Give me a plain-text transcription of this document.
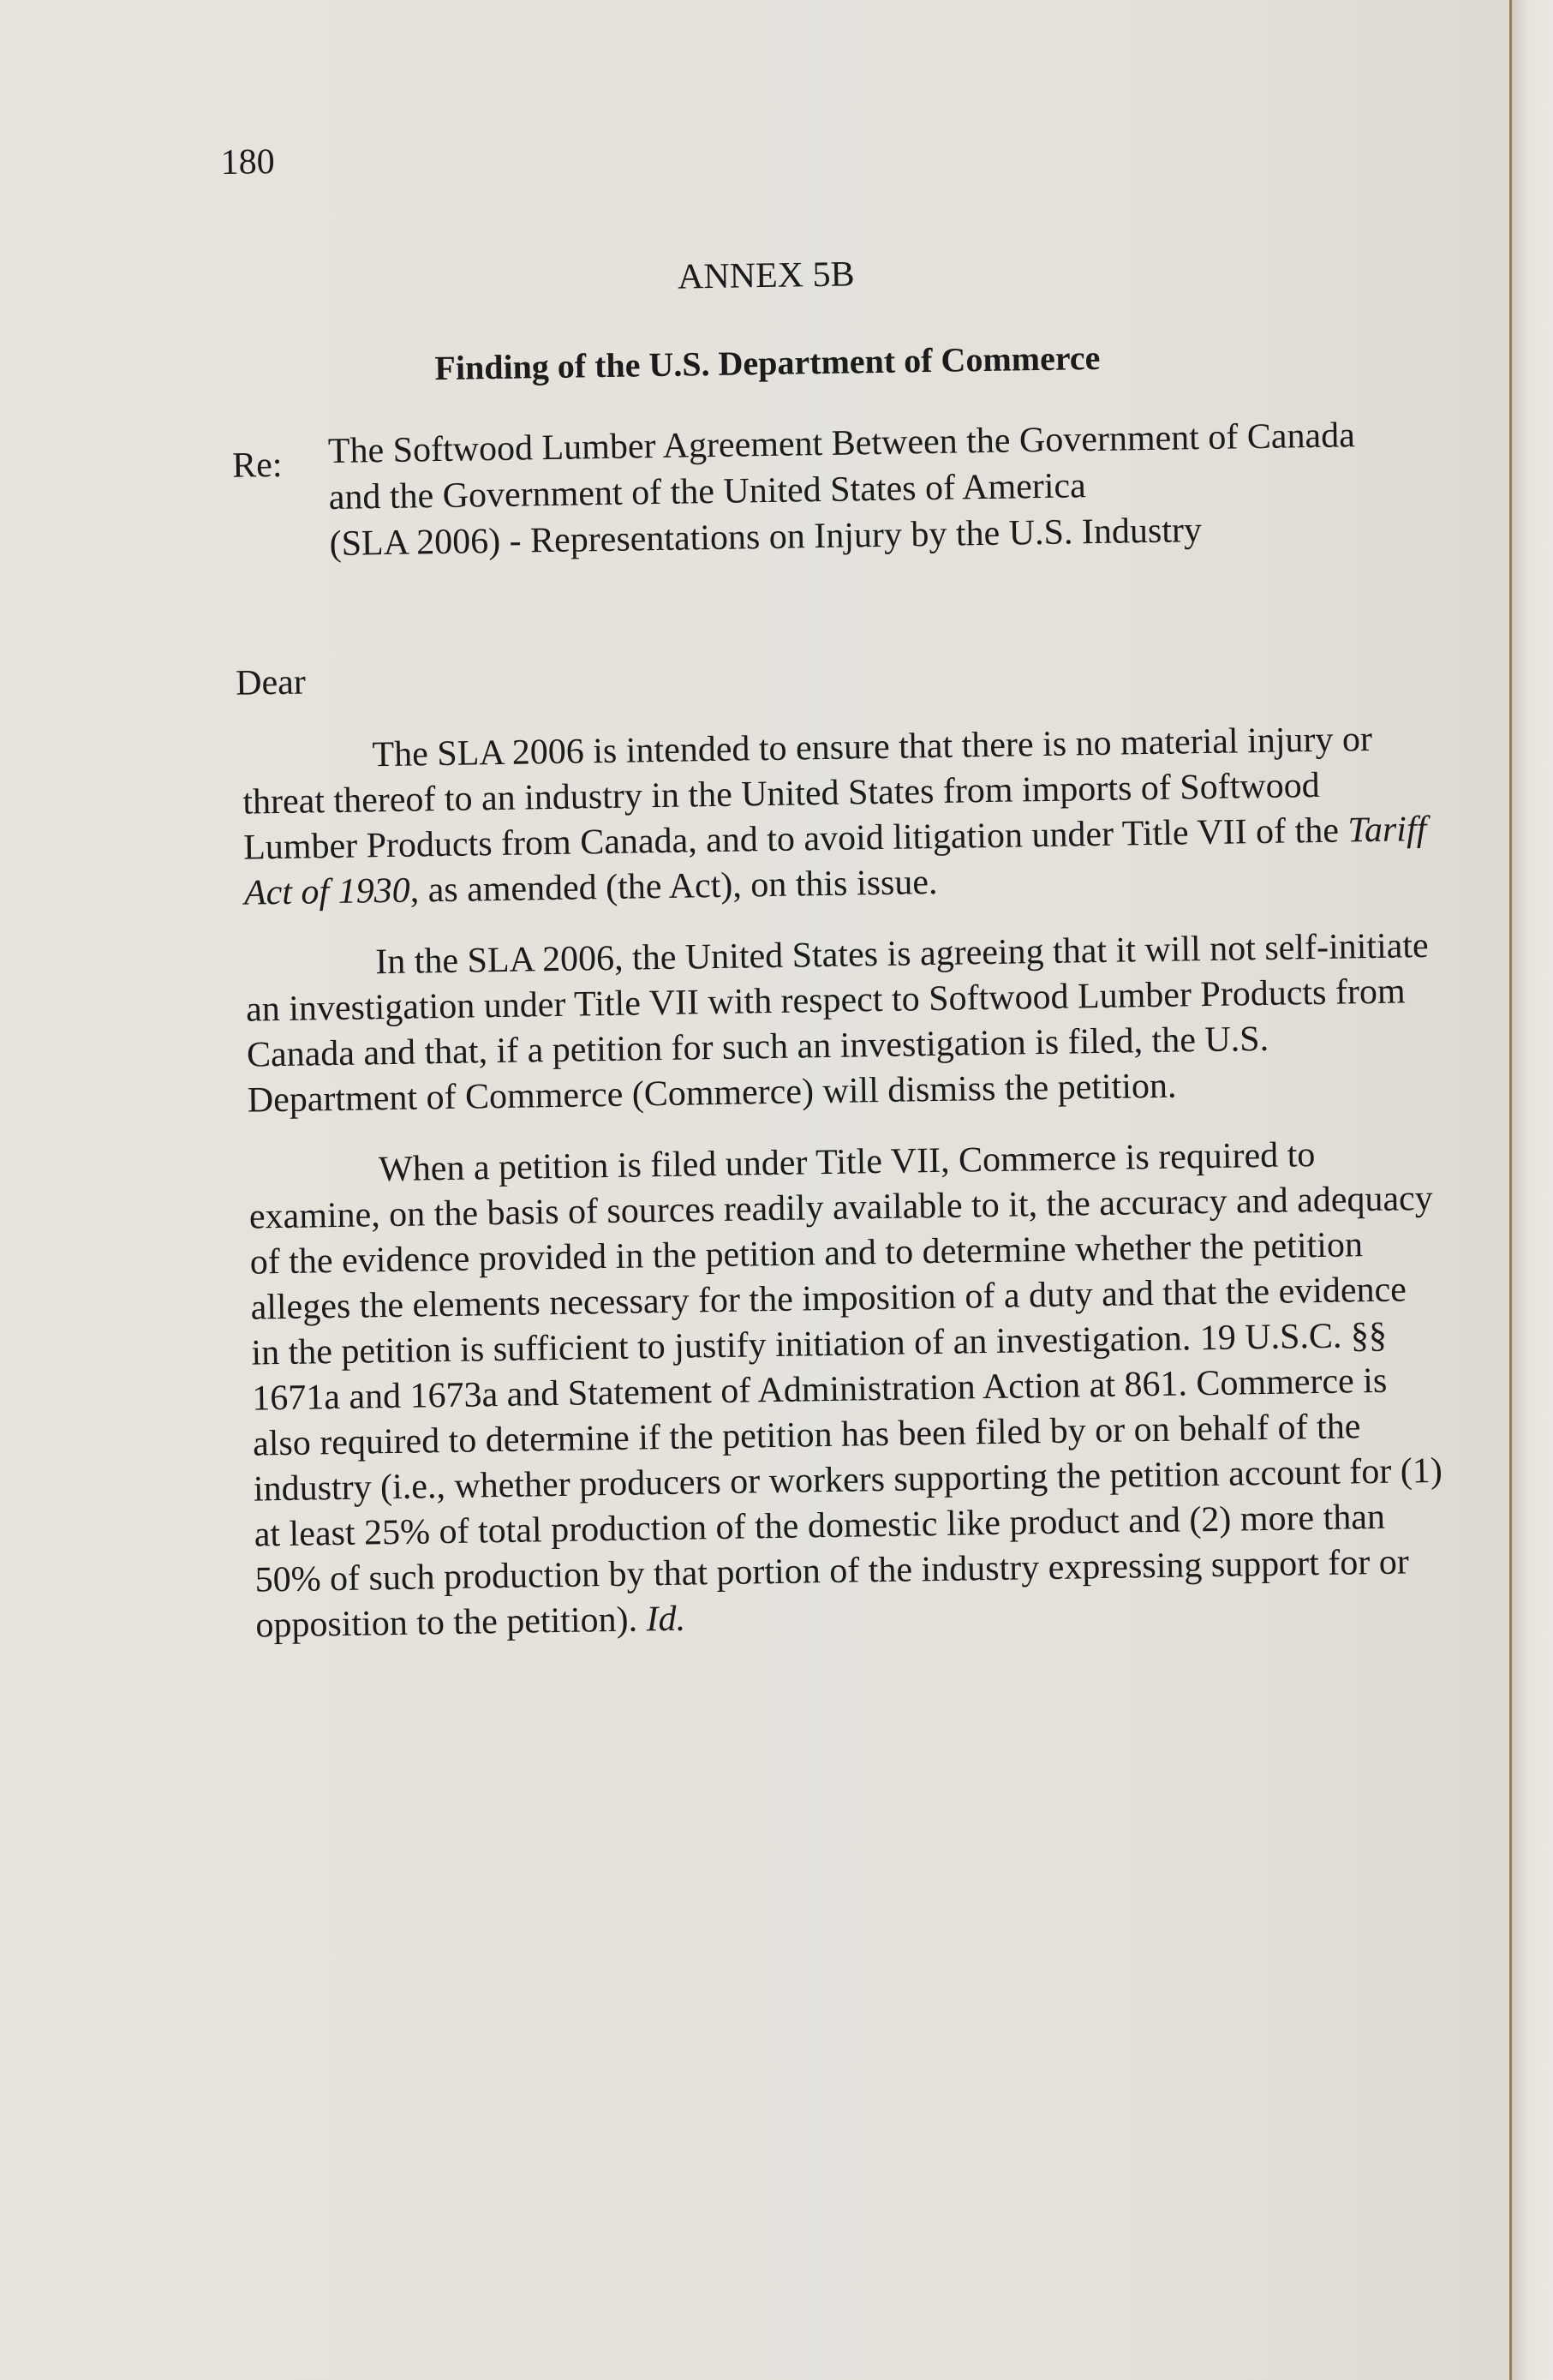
180
ANNEX 5B
Finding of the U.S. Department of Commerce
Re: The Softwood Lumber Agreement Between the Government of Canada
and the Government of the United States of America
(SLA 2006) - Representations on Injury by the U.S. Industry
Dear

The SLA 2006 is intended to ensure that there is no material injury or threat thereof to an industry in the United States from imports of Softwood Lumber Products from Canada, and to avoid litigation under Title VII of the Tariff Act of 1930, as amended (the Act), on this issue.

In the SLA 2006, the United States is agreeing that it will not self-initiate an investigation under Title VII with respect to Softwood Lumber Products from Canada and that, if a petition for such an investigation is filed, the U.S. Department of Commerce (Commerce) will dismiss the petition.

When a petition is filed under Title VII, Commerce is required to examine, on the basis of sources readily available to it, the accuracy and adequacy of the evidence provided in the petition and to determine whether the petition alleges the elements necessary for the imposition of a duty and that the evidence in the petition is sufficient to justify initiation of an investigation. 19 U.S.C. §§ 1671a and 1673a and Statement of Administration Action at 861. Commerce is also required to determine if the petition has been filed by or on behalf of the industry (i.e., whether producers or workers supporting the petition account for (1) at least 25% of total production of the domestic like product and (2) more than 50% of such production by that portion of the industry expressing support for or opposition to the petition). Id.
